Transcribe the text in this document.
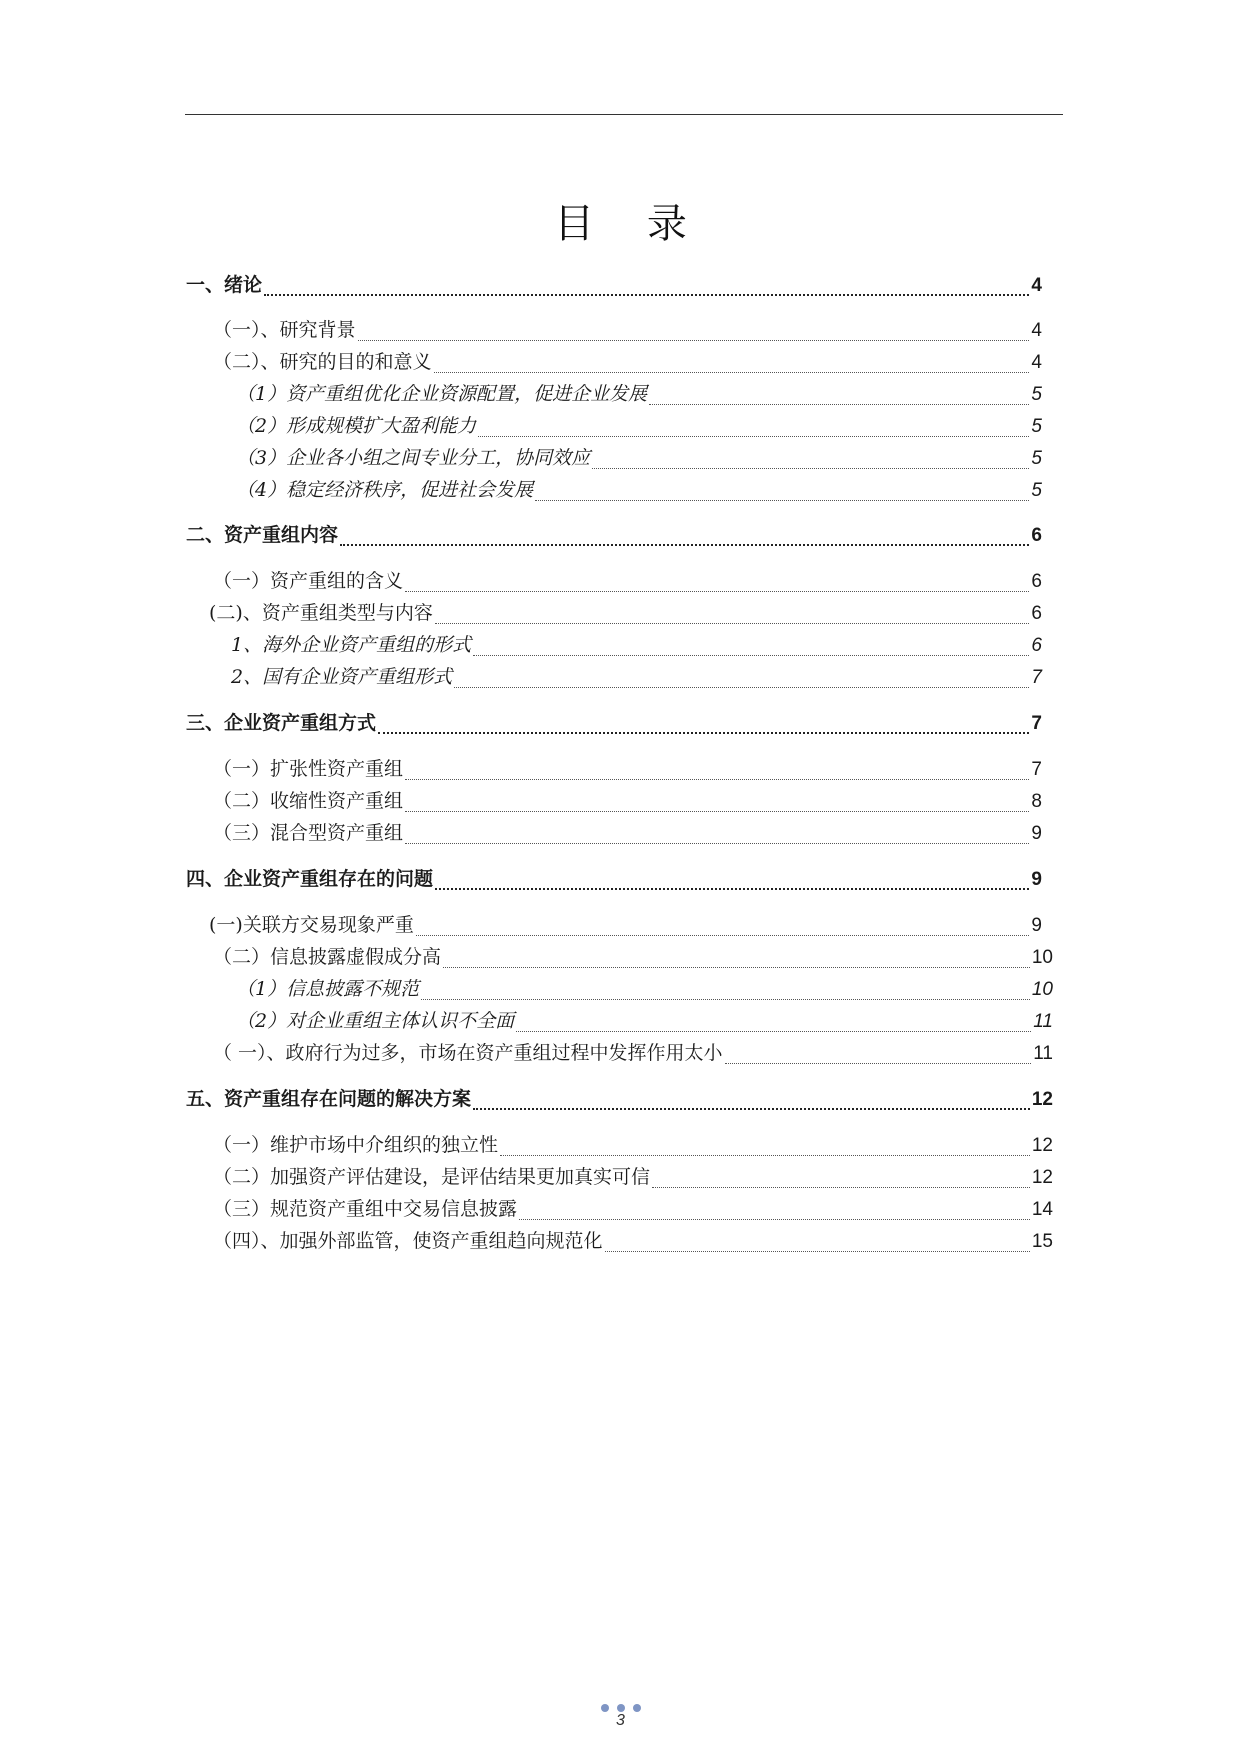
目 录
一、绪论	4
（一）、研究背景	4
（二）、研究的目的和意义	4
（1）资产重组优化企业资源配置，促进企业发展	5
（2）形成规模扩大盈利能力	5
（3）企业各小组之间专业分工，协同效应	5
（4）稳定经济秩序，促进社会发展	5
二、资产重组内容	6
（一）资产重组的含义	6
(二)、资产重组类型与内容	6
1、海外企业资产重组的形式	6
2、国有企业资产重组形式	7
三、企业资产重组方式	7
（一）扩张性资产重组	7
（二）收缩性资产重组	8
（三）混合型资产重组	9
四、企业资产重组存在的问题	9
(一)关联方交易现象严重	9
（二）信息披露虚假成分高	10
（1）信息披露不规范	10
（2）对企业重组主体认识不全面	11
（ 一）、政府行为过多，市场在资产重组过程中发挥作用太小	11
五、资产重组存在问题的解决方案	12
（一）维护市场中介组织的独立性	12
（二）加强资产评估建设，是评估结果更加真实可信	12
（三）规范资产重组中交易信息披露	14
（四）、加强外部监管，使资产重组趋向规范化	15
3
